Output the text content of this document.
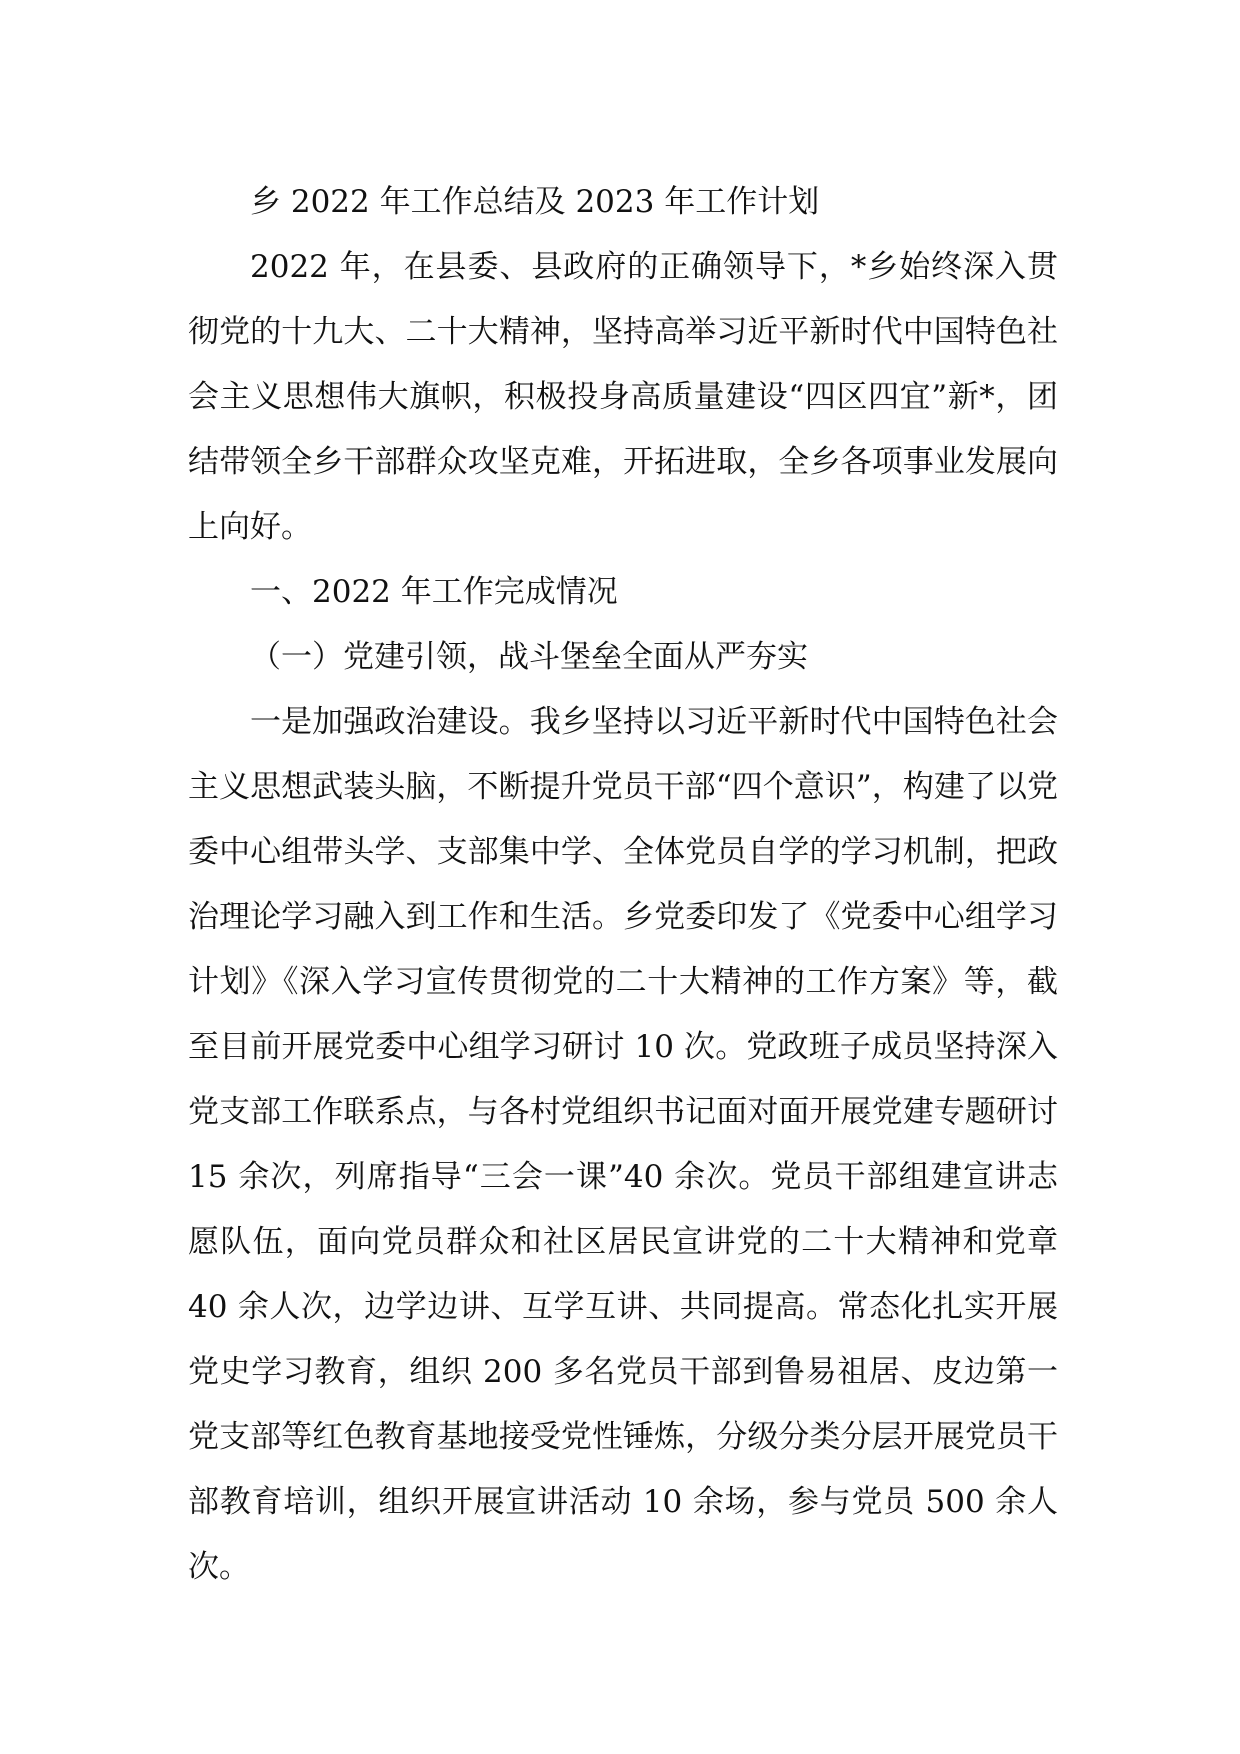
乡 2022 年工作总结及 2023 年工作计划

2022 年，在县委、县政府的正确领导下，*乡始终深入贯彻党的十九大、二十大精神，坚持高举习近平新时代中国特色社会主义思想伟大旗帜，积极投身高质量建设“四区四宜”新*，团结带领全乡干部群众攻坚克难，开拓进取，全乡各项事业发展向上向好。

一、2022 年工作完成情况

（一）党建引领，战斗堡垒全面从严夯实

一是加强政治建设。我乡坚持以习近平新时代中国特色社会主义思想武装头脑，不断提升党员干部“四个意识”，构建了以党委中心组带头学、支部集中学、全体党员自学的学习机制，把政治理论学习融入到工作和生活。乡党委印发了《党委中心组学习计划》《深入学习宣传贯彻党的二十大精神的工作方案》等，截至目前开展党委中心组学习研讨 10 次。党政班子成员坚持深入党支部工作联系点，与各村党组织书记面对面开展党建专题研讨 15 余次，列席指导“三会一课”40 余次。党员干部组建宣讲志愿队伍，面向党员群众和社区居民宣讲党的二十大精神和党章 40 余人次，边学边讲、互学互讲、共同提高。常态化扎实开展党史学习教育，组织 200 多名党员干部到鲁易祖居、皮边第一党支部等红色教育基地接受党性锤炼，分级分类分层开展党员干部教育培训，组织开展宣讲活动 10 余场，参与党员 500 余人次。
